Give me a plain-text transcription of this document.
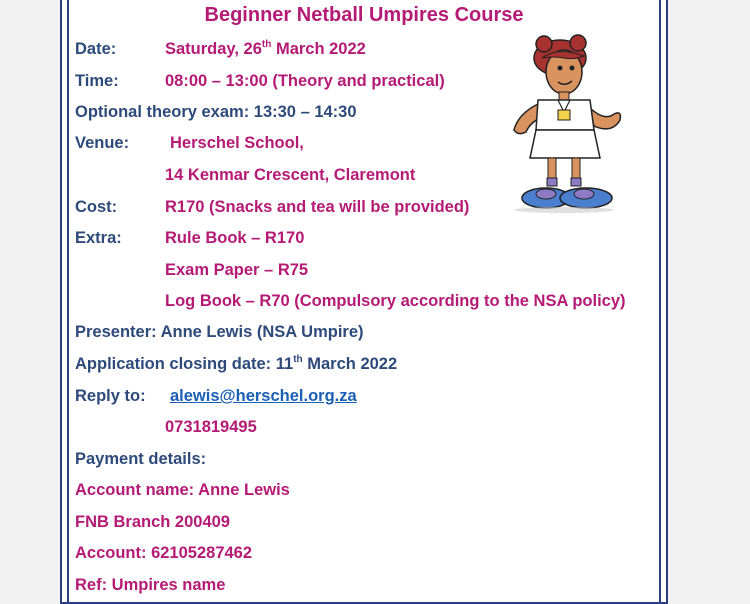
Beginner Netball Umpires Course
Date:	Saturday, 26th March 2022
Time:	08:00 – 13:00 (Theory and practical)
Optional theory exam: 13:30 – 14:30
Venue: Herschel School,
14 Kenmar Crescent, Claremont
Cost:	R170 (Snacks and tea will be provided)
Extra:	Rule Book – R170
Exam Paper – R75
Log Book – R70 (Compulsory according to the NSA policy)
Presenter: Anne Lewis (NSA Umpire)
Application closing date: 11th March 2022
Reply to: alewis@herschel.org.za
0731819495
Payment details:
Account name: Anne Lewis
FNB Branch 200409
Account: 62105287462
Ref: Umpires name
